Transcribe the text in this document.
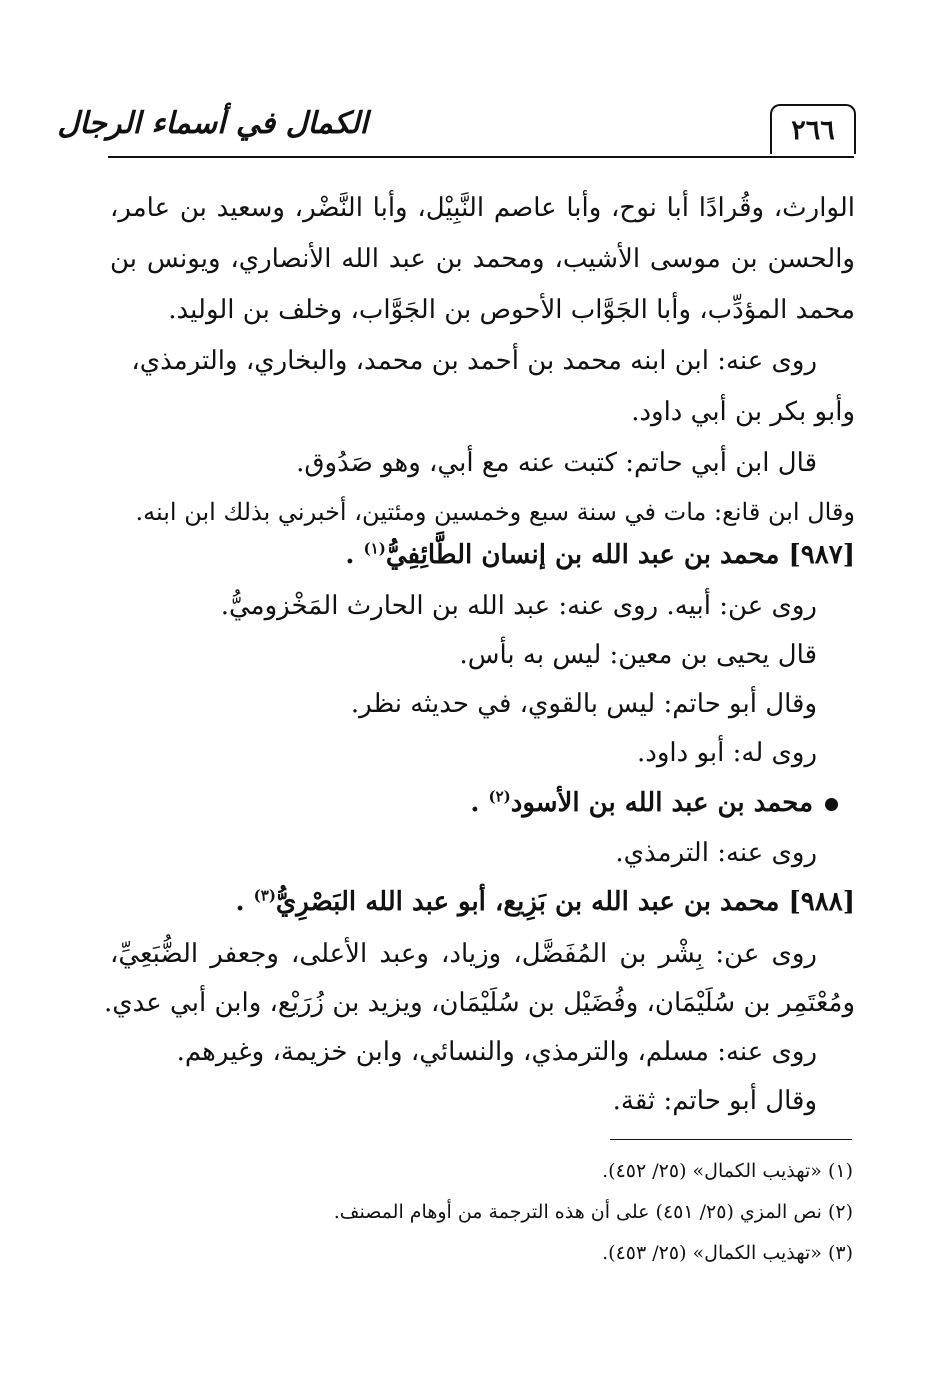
٢٦٦
الكمال في أسماء الرجال
الوارث، وقُرادًا أبا نوح، وأبا عاصم النَّبِيْل، وأبا النَّضْر، وسعيد بن عامر،
والحسن بن موسى الأشيب، ومحمد بن عبد الله الأنصاري، ويونس بن
محمد المؤدِّب، وأبا الجَوَّاب الأحوص بن الجَوَّاب، وخلف بن الوليد.
روى عنه: ابن ابنه محمد بن أحمد بن محمد، والبخاري، والترمذي،
وأبو بكر بن أبي داود.
قال ابن أبي حاتم: كتبت عنه مع أبي، وهو صَدُوق.
وقال ابن قانع: مات في سنة سبع وخمسين ومئتين، أخبرني بذلك ابن ابنه.
[٩٨٧] محمد بن عبد الله بن إنسان الطَّائِفِيُّ$^{(١)}$ .
روى عن: أبيه. روى عنه: عبد الله بن الحارث المَخْزوميُّ.
قال يحيى بن معين: ليس به بأس.
وقال أبو حاتم: ليس بالقوي، في حديثه نظر.
روى له: أبو داود.
محمد بن عبد الله بن الأسود$^{(٢)}$ .
روى عنه: الترمذي.
[٩٨٨] محمد بن عبد الله بن بَزِيع، أبو عبد الله البَصْرِيُّ$^{(٣)}$ .
روى عن: بِشْر بن المُفَضَّل، وزياد، وعبد الأعلى، وجعفر الضُّبَعِيِّ،
ومُعْتَمِر بن سُلَيْمَان، وفُضَيْل بن سُلَيْمَان، ويزيد بن زُرَيْع، وابن أبي عدي.
روى عنه: مسلم، والترمذي، والنسائي، وابن خزيمة، وغيرهم.
وقال أبو حاتم: ثقة.
(١) «تهذيب الكمال» (٢٥/ ٤٥٢).
(٢) نص المزي (٢٥/ ٤٥١) على أن هذه الترجمة من أوهام المصنف.
(٣) «تهذيب الكمال» (٢٥/ ٤٥٣).
